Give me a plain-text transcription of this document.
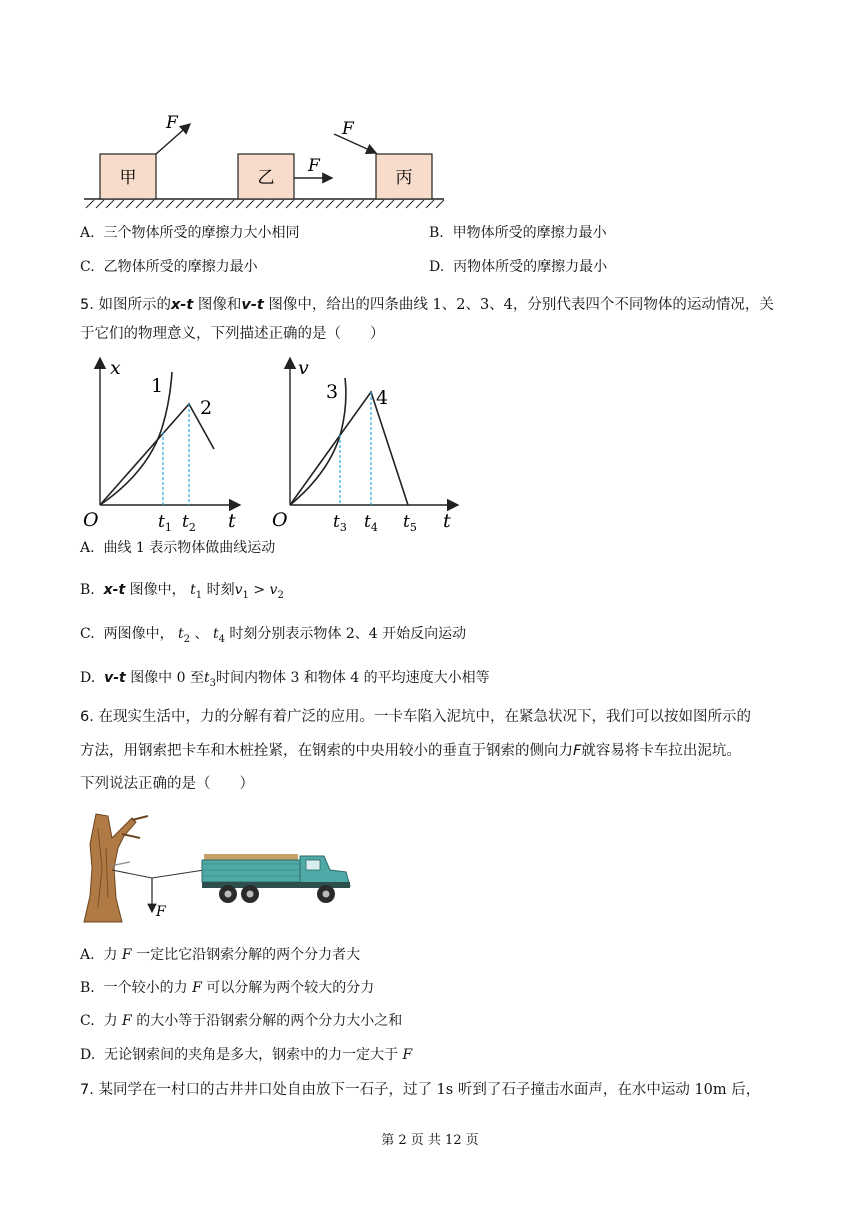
甲	乙	丙
F
F
F
A. 三个物体所受的摩擦力大小相同	B. 甲物体所受的摩擦力最小
C. 乙物体所受的摩擦力最小	D. 丙物体所受的摩擦力最小
5. 如图所示的x-t 图像和v-t 图像中，给出的四条曲线 1、2、3、4，分别代表四个不同物体的运动情况，关
于它们的物理意义，下列描述正确的是（　　）
x
t
O
1
2
$t_1$ $t_2$
v
t
O
3 4
$t_3$ $t_4$ $t_5$
A. 曲线 1 表示物体做曲线运动
B. x-t 图像中， $t_1$ 时刻$v_1 > v_2$
C. 两图像中， $t_2$ 、 $t_4$ 时刻分别表示物体 2、4 开始反向运动
D. v-t 图像中 0 至$t_3$时间内物体 3 和物体 4 的平均速度大小相等
6. 在现实生活中，力的分解有着广泛的应用。一卡车陷入泥坑中，在紧急状况下，我们可以按如图所示的
方法，用钢索把卡车和木桩拴紧，在钢索的中央用较小的垂直于钢索的侧向力F就容易将卡车拉出泥坑。
下列说法正确的是（　　）
F
A. 力 F 一定比它沿钢索分解的两个分力者大
B. 一个较小的力 F 可以分解为两个较大的分力
C. 力 F 的大小等于沿钢索分解的两个分力大小之和
D. 无论钢索间的夹角是多大，钢索中的力一定大于 F
7. 某同学在一村口的古井井口处自由放下一石子，过了 1s 听到了石子撞击水面声，在水中运动 10m 后，
第 2 页 共 12 页
